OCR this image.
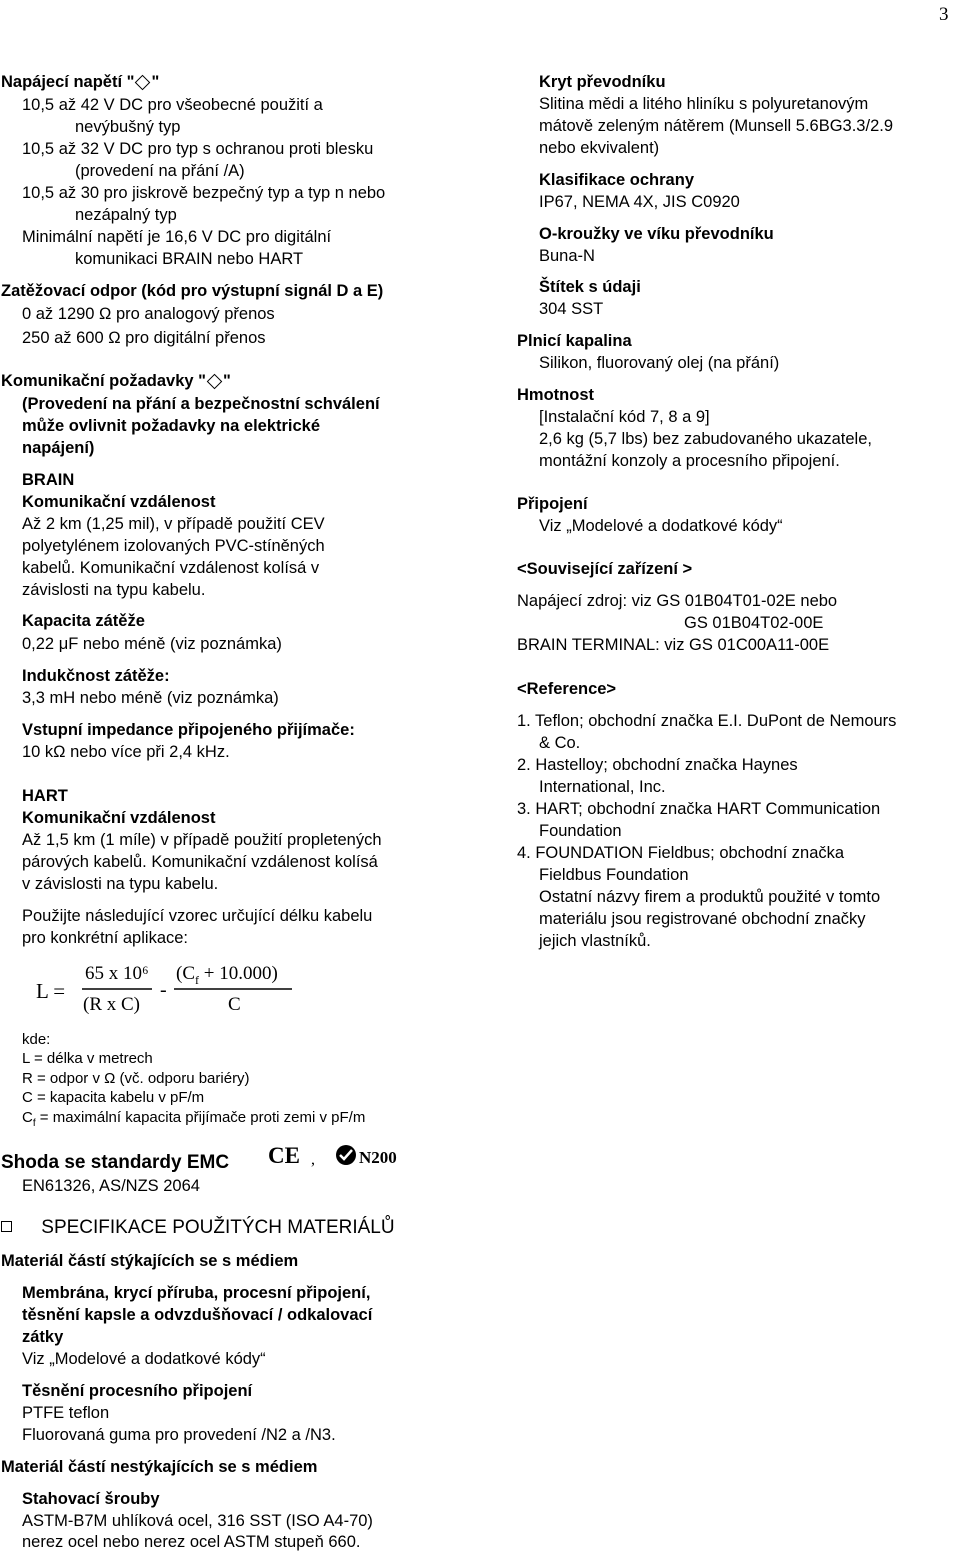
3
Napájecí napětí " "
10,5 až 42 V DC pro všeobecné použití a
nevýbušný typ
10,5 až 32 V DC pro typ s ochranou proti blesku
(provedení na přání /A)
10,5 až 30 pro jiskrově bezpečný typ a typ n nebo
nezápalný typ
Minimální napětí je 16,6 V DC pro digitální
komunikaci BRAIN nebo HART
Zatěžovací odpor (kód pro výstupní signál D a E)
0 až 1290 Ω pro analogový přenos
250 až 600 Ω pro digitální přenos
Komunikační požadavky " "
(Provedení na přání a bezpečnostní schválení
může ovlivnit požadavky na elektrické
napájení)
BRAIN
Komunikační vzdálenost
Až 2 km (1,25 mil), v případě použití CEV
polyetylénem izolovaných PVC-stíněných
kabelů. Komunikační vzdálenost kolísá v
závislosti na typu kabelu.
Kapacita zátěže
0,22 μF nebo méně (viz poznámka)
Indukčnost zátěže:
3,3 mH nebo méně (viz poznámka)
Vstupní impedance připojeného přijímače:
10 kΩ nebo více při 2,4 kHz.
HART
Komunikační vzdálenost
Až 1,5 km (1 míle) v případě použití propletených
párových kabelů. Komunikační vzdálenost kolísá
v závislosti na typu kabelu.
Použijte následující vzorec určující délku kabelu
pro konkrétní aplikace:
L =
65 x 10⁶
(R x C)
-
$(C_f + 10.000)$
C
kde:
L = délka v metrech
R = odpor v Ω (vč. odporu bariéry)
C = kapacita kabelu v pF/m
$C_f$ = maximální kapacita přijímače proti zemi v pF/m
Shoda se standardy EMC CE ,	N200
EN61326, AS/NZS 2064
SPECIFIKACE POUŽITÝCH MATERIÁLŮ
Materiál částí stýkajících se s médiem
Membrána, krycí příruba, procesní připojení,
těsnění kapsle a odvzdušňovací / odkalovací
zátky
Viz „Modelové a dodatkové kódy“
Těsnění procesního připojení
PTFE teflon
Fluorovaná guma pro provedení /N2 a /N3.
Materiál částí nestýkajících se s médiem
Stahovací šrouby
ASTM-B7M uhlíková ocel, 316 SST (ISO A4-70)
nerez ocel nebo nerez ocel ASTM stupeň 660.
Kryt převodníku
Slitina mědi a litého hliníku s polyuretanovým
mátově zeleným nátěrem (Munsell 5.6BG3.3/2.9
nebo ekvivalent)
Klasifikace ochrany
IP67, NEMA 4X, JIS C0920
O-kroužky ve víku převodníku
Buna-N
Štítek s údaji
304 SST
Plnicí kapalina
Silikon, fluorovaný olej (na přání)
Hmotnost
[Instalační kód 7, 8 a 9]
2,6 kg (5,7 lbs) bez zabudovaného ukazatele,
montážní konzoly a procesního připojení.
Připojení
Viz „Modelové a dodatkové kódy“
<Související zařízení >
Napájecí zdroj: viz GS 01B04T01-02E nebo
GS 01B04T02-00E
BRAIN TERMINAL: viz GS 01C00A11-00E
<Reference>
1. Teflon; obchodní značka E.I. DuPont de Nemours
& Co.
2. Hastelloy; obchodní značka Haynes
International, Inc.
3. HART; obchodní značka HART Communication
Foundation
4. FOUNDATION Fieldbus; obchodní značka
Fieldbus Foundation
Ostatní názvy firem a produktů použité v tomto
materiálu jsou registrované obchodní značky
jejich vlastníků.
